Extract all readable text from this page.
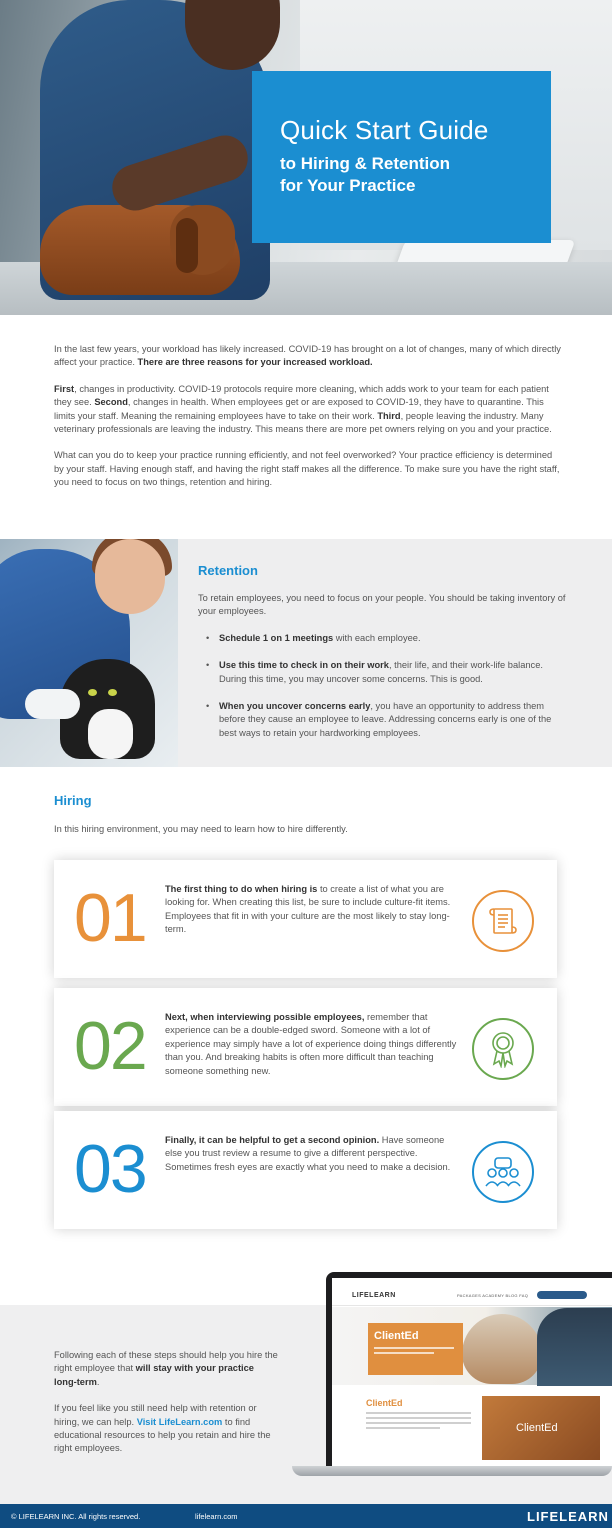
Quick Start Guide
to Hiring & Retention
for Your Practice

In the last few years, your workload has likely increased. COVID-19 has brought on a lot of changes, many of which directly affect your practice. There are three reasons for your increased workload.

First, changes in productivity. COVID-19 protocols require more cleaning, which adds work to your team for each patient they see. Second, changes in health. When employees get or are exposed to COVID-19, they have to quarantine. This limits your staff. Meaning the remaining employees have to take on their work. Third, people leaving the industry. Many veterinary professionals are leaving the industry. This means there are more pet owners relying on you and your practice.

What can you do to keep your practice running efficiently, and not feel overworked? Your practice efficiency is determined by your staff. Having enough staff, and having the right staff makes all the difference. To make sure you have the right staff, you need to focus on two things, retention and hiring.

Retention
To retain employees, you need to focus on your people. You should be taking inventory of your employees.
• Schedule 1 on 1 meetings with each employee.
• Use this time to check in on their work, their life, and their work-life balance. During this time, you may uncover some concerns. This is good.
• When you uncover concerns early, you have an opportunity to address them before they cause an employee to leave. Addressing concerns early is one of the best ways to retain your hardworking employees.
Hiring
In this hiring environment, you may need to learn how to hire differently.
01 The first thing to do when hiring is to create a list of what you are looking for. When creating this list, be sure to include culture-fit items. Employees that fit in with your culture are the most likely to stay long-term.
02 Next, when interviewing possible employees, remember that experience can be a double-edged sword. Someone with a lot of experience may simply have a lot of experience doing things differently than you. And breaking habits is often more difficult than teaching someone something new.
03 Finally, it can be helpful to get a second opinion. Have someone else you trust review a resume to give a different perspective. Sometimes fresh eyes are exactly what you need to make a decision.

Following each of these steps should help you hire the right employee that will stay with your practice long-term.

If you feel like you still need help with retention or hiring, we can help. Visit LifeLearn.com to find educational resources to help you retain and hire the right employees.

LIFELEARN	PACKAGES ACADEMY BLOG FAQ
ClientEd
ClientEd
ClientEd
© LIFELEARN INC. All rights reserved.	lifelearn.com	LIFELEARN
